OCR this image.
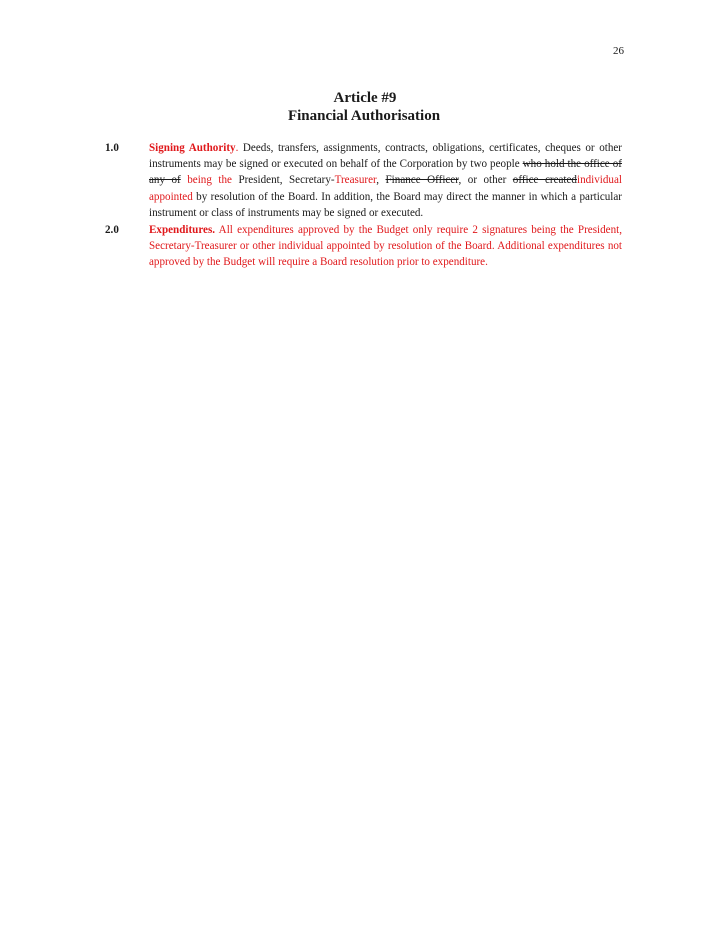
26
Article #9
Financial Authorisation
1.0	Signing Authority. Deeds, transfers, assignments, contracts, obligations, certificates, cheques or other instruments may be signed or executed on behalf of the Corporation by two people who hold the office of any of being the President, Secretary-Treasurer, Finance Officer, or other office createdindividual appointed by resolution of the Board. In addition, the Board may direct the manner in which a particular instrument or class of instruments may be signed or executed.
2.0	Expenditures. All expenditures approved by the Budget only require 2 signatures being the President, Secretary-Treasurer or other individual appointed by resolution of the Board. Additional expenditures not approved by the Budget will require a Board resolution prior to expenditure.
